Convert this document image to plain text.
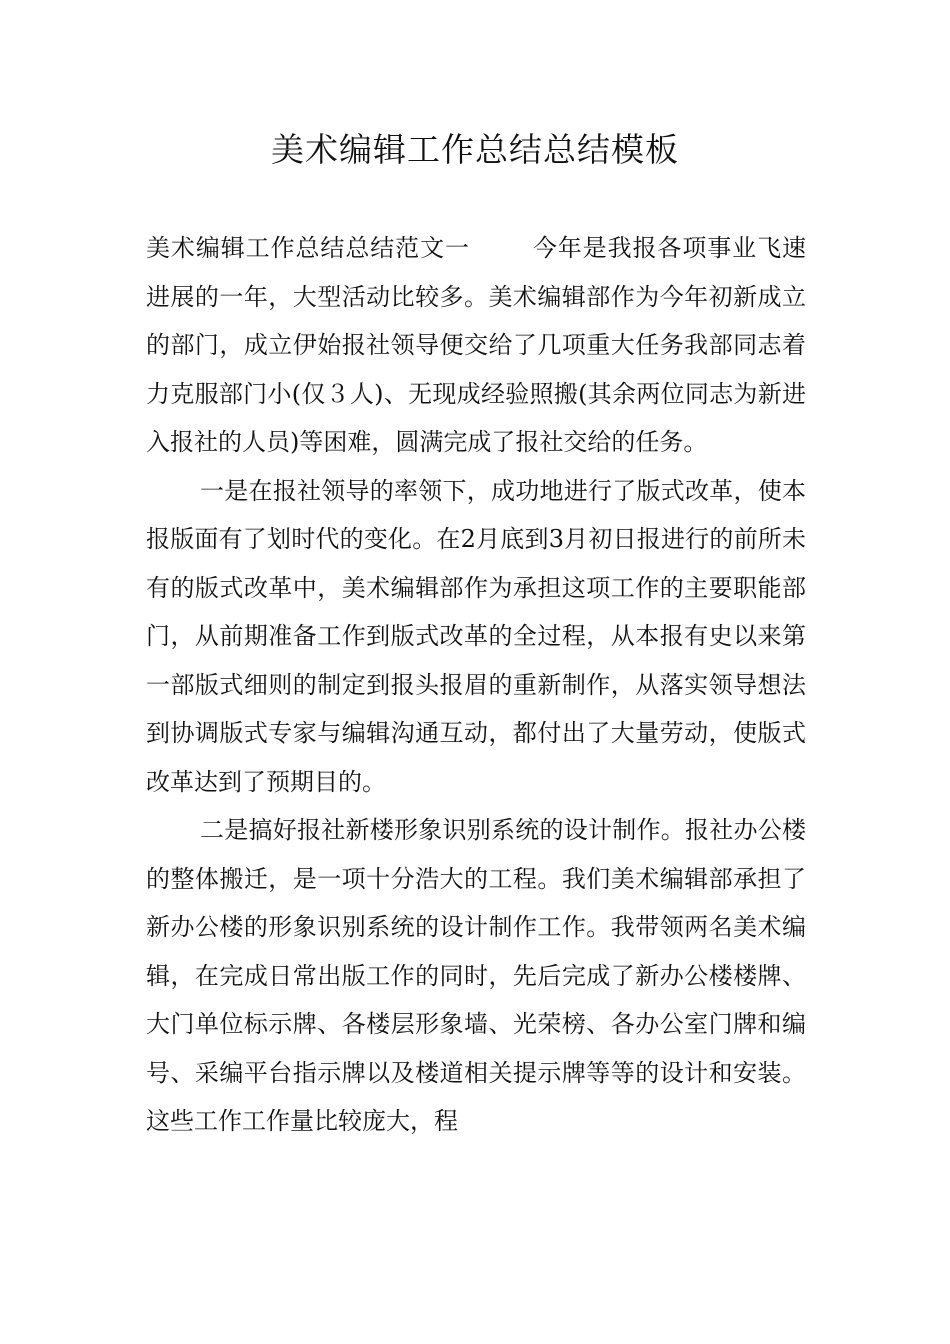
美术编辑工作总结总结模板

美术编辑工作总结总结范文一	今年是我报各项事业飞速进展的一年，大型活动比较多。美术编辑部作为今年初新成立的部门，成立伊始报社领导便交给了几项重大任务我部同志着力克服部门小(仅３人)、无现成经验照搬(其余两位同志为新进入报社的人员)等困难，圆满完成了报社交给的任务。

一是在报社领导的率领下，成功地进行了版式改革，使本报版面有了划时代的变化。在2月底到3月初日报进行的前所未有的版式改革中，美术编辑部作为承担这项工作的主要职能部门，从前期准备工作到版式改革的全过程，从本报有史以来第一部版式细则的制定到报头报眉的重新制作，从落实领导想法到协调版式专家与编辑沟通互动，都付出了大量劳动，使版式改革达到了预期目的。

二是搞好报社新楼形象识别系统的设计制作。报社办公楼的整体搬迁，是一项十分浩大的工程。我们美术编辑部承担了新办公楼的形象识别系统的设计制作工作。我带领两名美术编辑，在完成日常出版工作的同时，先后完成了新办公楼楼牌、大门单位标示牌、各楼层形象墙、光荣榜、各办公室门牌和编号、采编平台指示牌以及楼道相关提示牌等等的设计和安装。这些工作工作量比较庞大，程
